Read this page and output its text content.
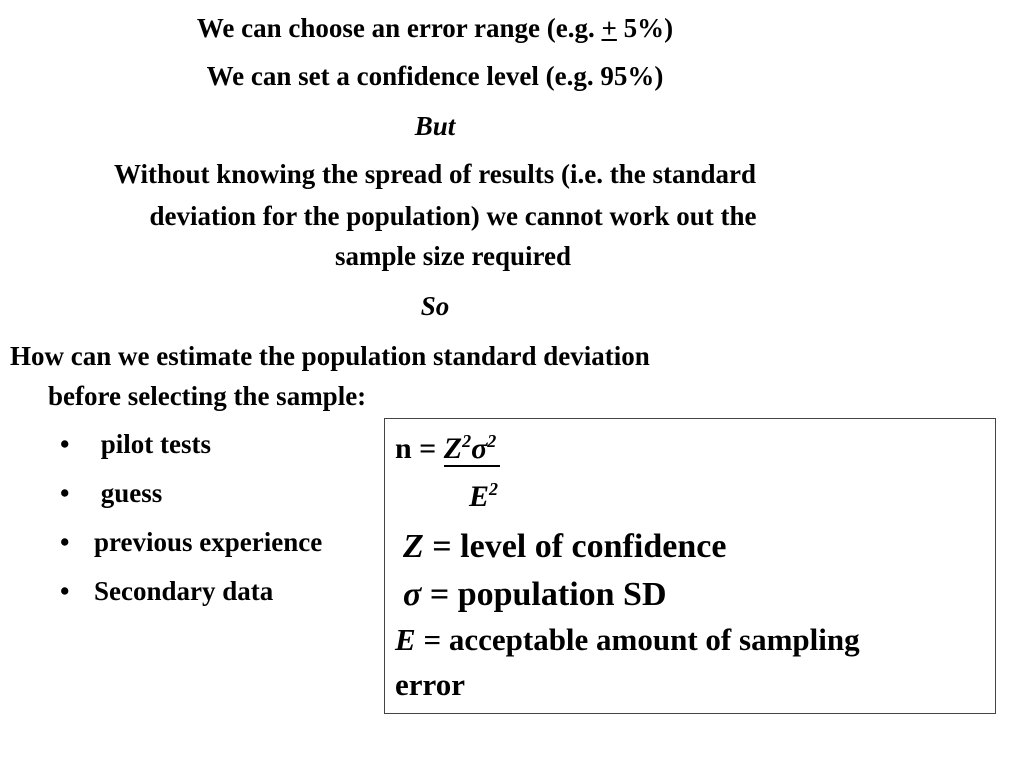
We can choose an error range (e.g. + 5%)

We can set a confidence level (e.g. 95%)

But

Without knowing the spread of results (i.e. the standard

deviation for the population) we cannot work out the

sample size required

So

How can we estimate the population standard deviation

before selecting the sample:

• pilot tests
• guess
• previous experience
• Secondary data
$n = Z^2\sigma^2$
$E^2$
Z = level of confidence
σ = population SD
E = acceptable amount of sampling
error
